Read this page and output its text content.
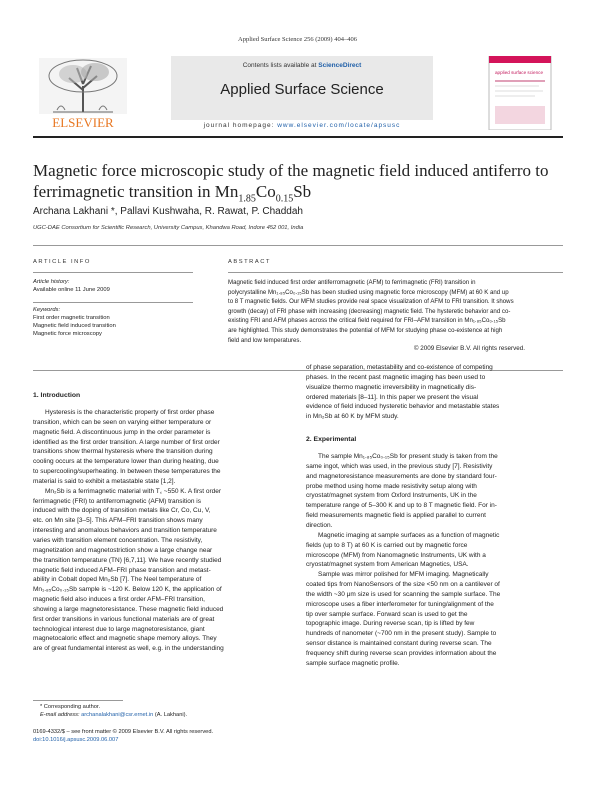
Applied Surface Science 256 (2009) 404–406
ELSEVIER
Contents lists available at ScienceDirect
Applied Surface Science
journal homepage: www.elsevier.com/locate/apsusc
applied surface science
Magnetic force microscopic study of the magnetic field induced antiferro to
ferrimagnetic transition in $Mn_{1.85}Co_{0.15}Sb$
Archana Lakhani *, Pallavi Kushwaha, R. Rawat, P. Chaddah
UGC-DAE Consortium for Scientific Research, University Campus, Khandwa Road, Indore 452 001, India
ARTICLE INFO
Article history:
Available online 11 June 2009
Keywords:
First order magnetic transition
Magnetic field induced transition
Magnetic force microscopy
ABSTRACT
Magnetic field induced first order antiferromagnetic (AFM) to ferrimagnetic (FRI) transition in
polycrystalline Mn₁.₈₅Co₀.₁₅Sb has been studied using magnetic force microscopy (MFM) at 60 K and up
to 8 T magnetic fields. Our MFM studies provide real space visualization of AFM to FRI transition. It shows
growth (decay) of FRI phase with increasing (decreasing) magnetic field. The hysteretic behavior and co-
existing FRI and AFM phases across the critical field required for FRI–AFM transition in Mn₁.₈₅Co₀.₁₅Sb
are highlighted. This study demonstrates the potential of MFM for studying phase co-existence at high
field and low temperatures.
© 2009 Elsevier B.V. All rights reserved.
1. Introduction
Hysteresis is the characteristic property of first order phase
transition, which can be seen on varying either temperature or
magnetic field. A discontinuous jump in the order parameter is
identified as the first order transition. A large number of first order
transitions show thermal hysteresis where the transition during
cooling occurs at the temperature lower than during heating, due
to supercooling/superheating. In between these temperatures the
material is said to exhibit a metastable state [1,2].
Mn₂Sb is a ferrimagnetic material with T꜀ ~550 K. A first order
ferrimagnetic (FRI) to antiferromagnetic (AFM) transition is
induced with the doping of transition metals like Cr, Co, Cu, V,
etc. on Mn site [3–5]. This AFM–FRI transition shows many
interesting and anomalous behaviors and transition temperature
varies with transition element concentration. The resistivity,
magnetization and magnetostriction show a large change near
the transition temperature (TN) [6,7,11]. We have recently studied
magnetic field induced AFM–FRI phase transition and metast-
ability in Cobalt doped Mn₂Sb [7]. The Neel temperature of
Mn₁.₈₅Co₀.₁₅Sb sample is ~120 K. Below 120 K, the application of
magnetic field also induces a first order AFM–FRI transition,
showing a large magnetoresistance. These magnetic field induced
first order transitions in various functional materials are of great
technological interest due to large magnetoresistance, giant
magnetocaloric effect and magnetic shape memory alloys. They
are of great fundamental interest as well, e.g. in the understanding
of phase separation, metastability and co-existence of competing
phases. In the recent past magnetic imaging has been used to
visualize thermo magnetic irreversibility in magnetically dis-
ordered materials [8–11]. In this paper we present the visual
evidence of field induced hysteretic behavior and metastable states
in Mn₂Sb at 60 K by MFM study.
2. Experimental
The sample Mn₁.₈₅Co₀.₁₅Sb for present study is taken from the
same ingot, which was used, in the previous study [7]. Resistivity
and magnetoresistance measurements are done by standard four-
probe method using home made resistivity setup along with
cryostat/magnet system from Oxford Instruments, UK in the
temperature range of 5–300 K and up to 8 T magnetic field. For in-
field measurements magnetic field is applied parallel to current
direction.
Magnetic imaging at sample surfaces as a function of magnetic
fields (up to 8 T) at 60 K is carried out by magnetic force
microscope (MFM) from Nanomagnetic Instruments, UK with a
cryostat/magnet system from American Magnetics, USA.
Sample was mirror polished for MFM imaging. Magnetically
coated tips from NanoSensors of the size <50 nm on a cantilever of
the width ~30 μm size is used for scanning the sample surface. The
microscope uses a fiber interferometer for tuning/alignment of the
tip over sample surface. Forward scan is used to get the
topographic image. During reverse scan, tip is lifted by few
hundreds of nanometer (~700 nm in the present study). Sample to
sensor distance is maintained constant during reverse scan. The
frequency shift during reverse scan provides information about the
sample surface magnetic profile.
* Corresponding author.
E-mail address: archanalakhani@csr.ernet.in (A. Lakhani).
0169-4332/$ – see front matter © 2009 Elsevier B.V. All rights reserved.
doi:10.1016/j.apsusc.2009.06.007
